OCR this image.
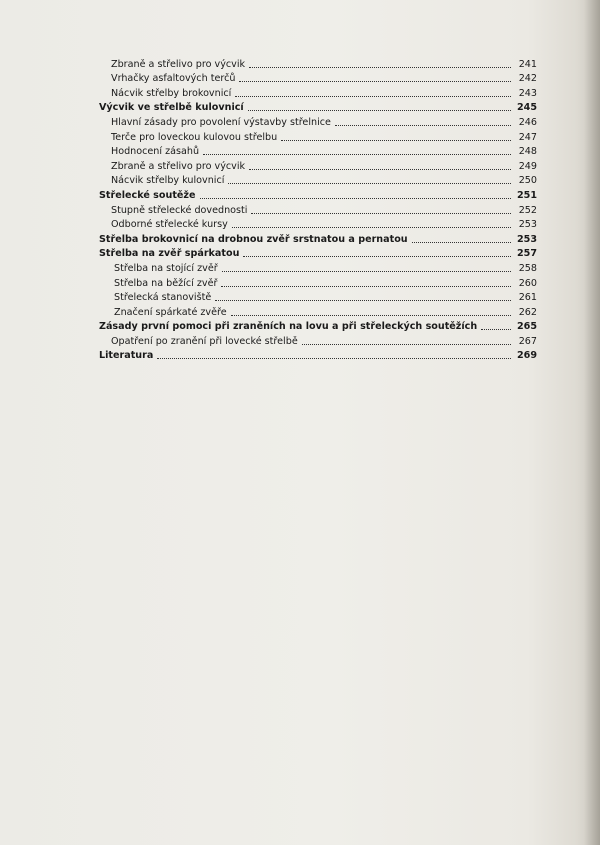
Zbraně a střelivo pro výcvik	241
Vrhačky asfaltových terčů	242
Nácvik střelby brokovnicí	243
Výcvik ve střelbě kulovnicí	245
Hlavní zásady pro povolení výstavby střelnice	246
Terče pro loveckou kulovou střelbu	247
Hodnocení zásahů	248
Zbraně a střelivo pro výcvik	249
Nácvik střelby kulovnicí	250
Střelecké soutěže	251
Stupně střelecké dovednosti	252
Odborné střelecké kursy	253
Střelba brokovnicí na drobnou zvěř srstnatou a pernatou	253
Střelba na zvěř spárkatou	257
Střelba na stojící zvěř	258
Střelba na běžící zvěř	260
Střelecká stanoviště	261
Značení spárkaté zvěře	262
Zásady první pomoci při zraněních na lovu a při střeleckých soutěžích	265
Opatření po zranění při lovecké střelbě	267
Literatura	269
